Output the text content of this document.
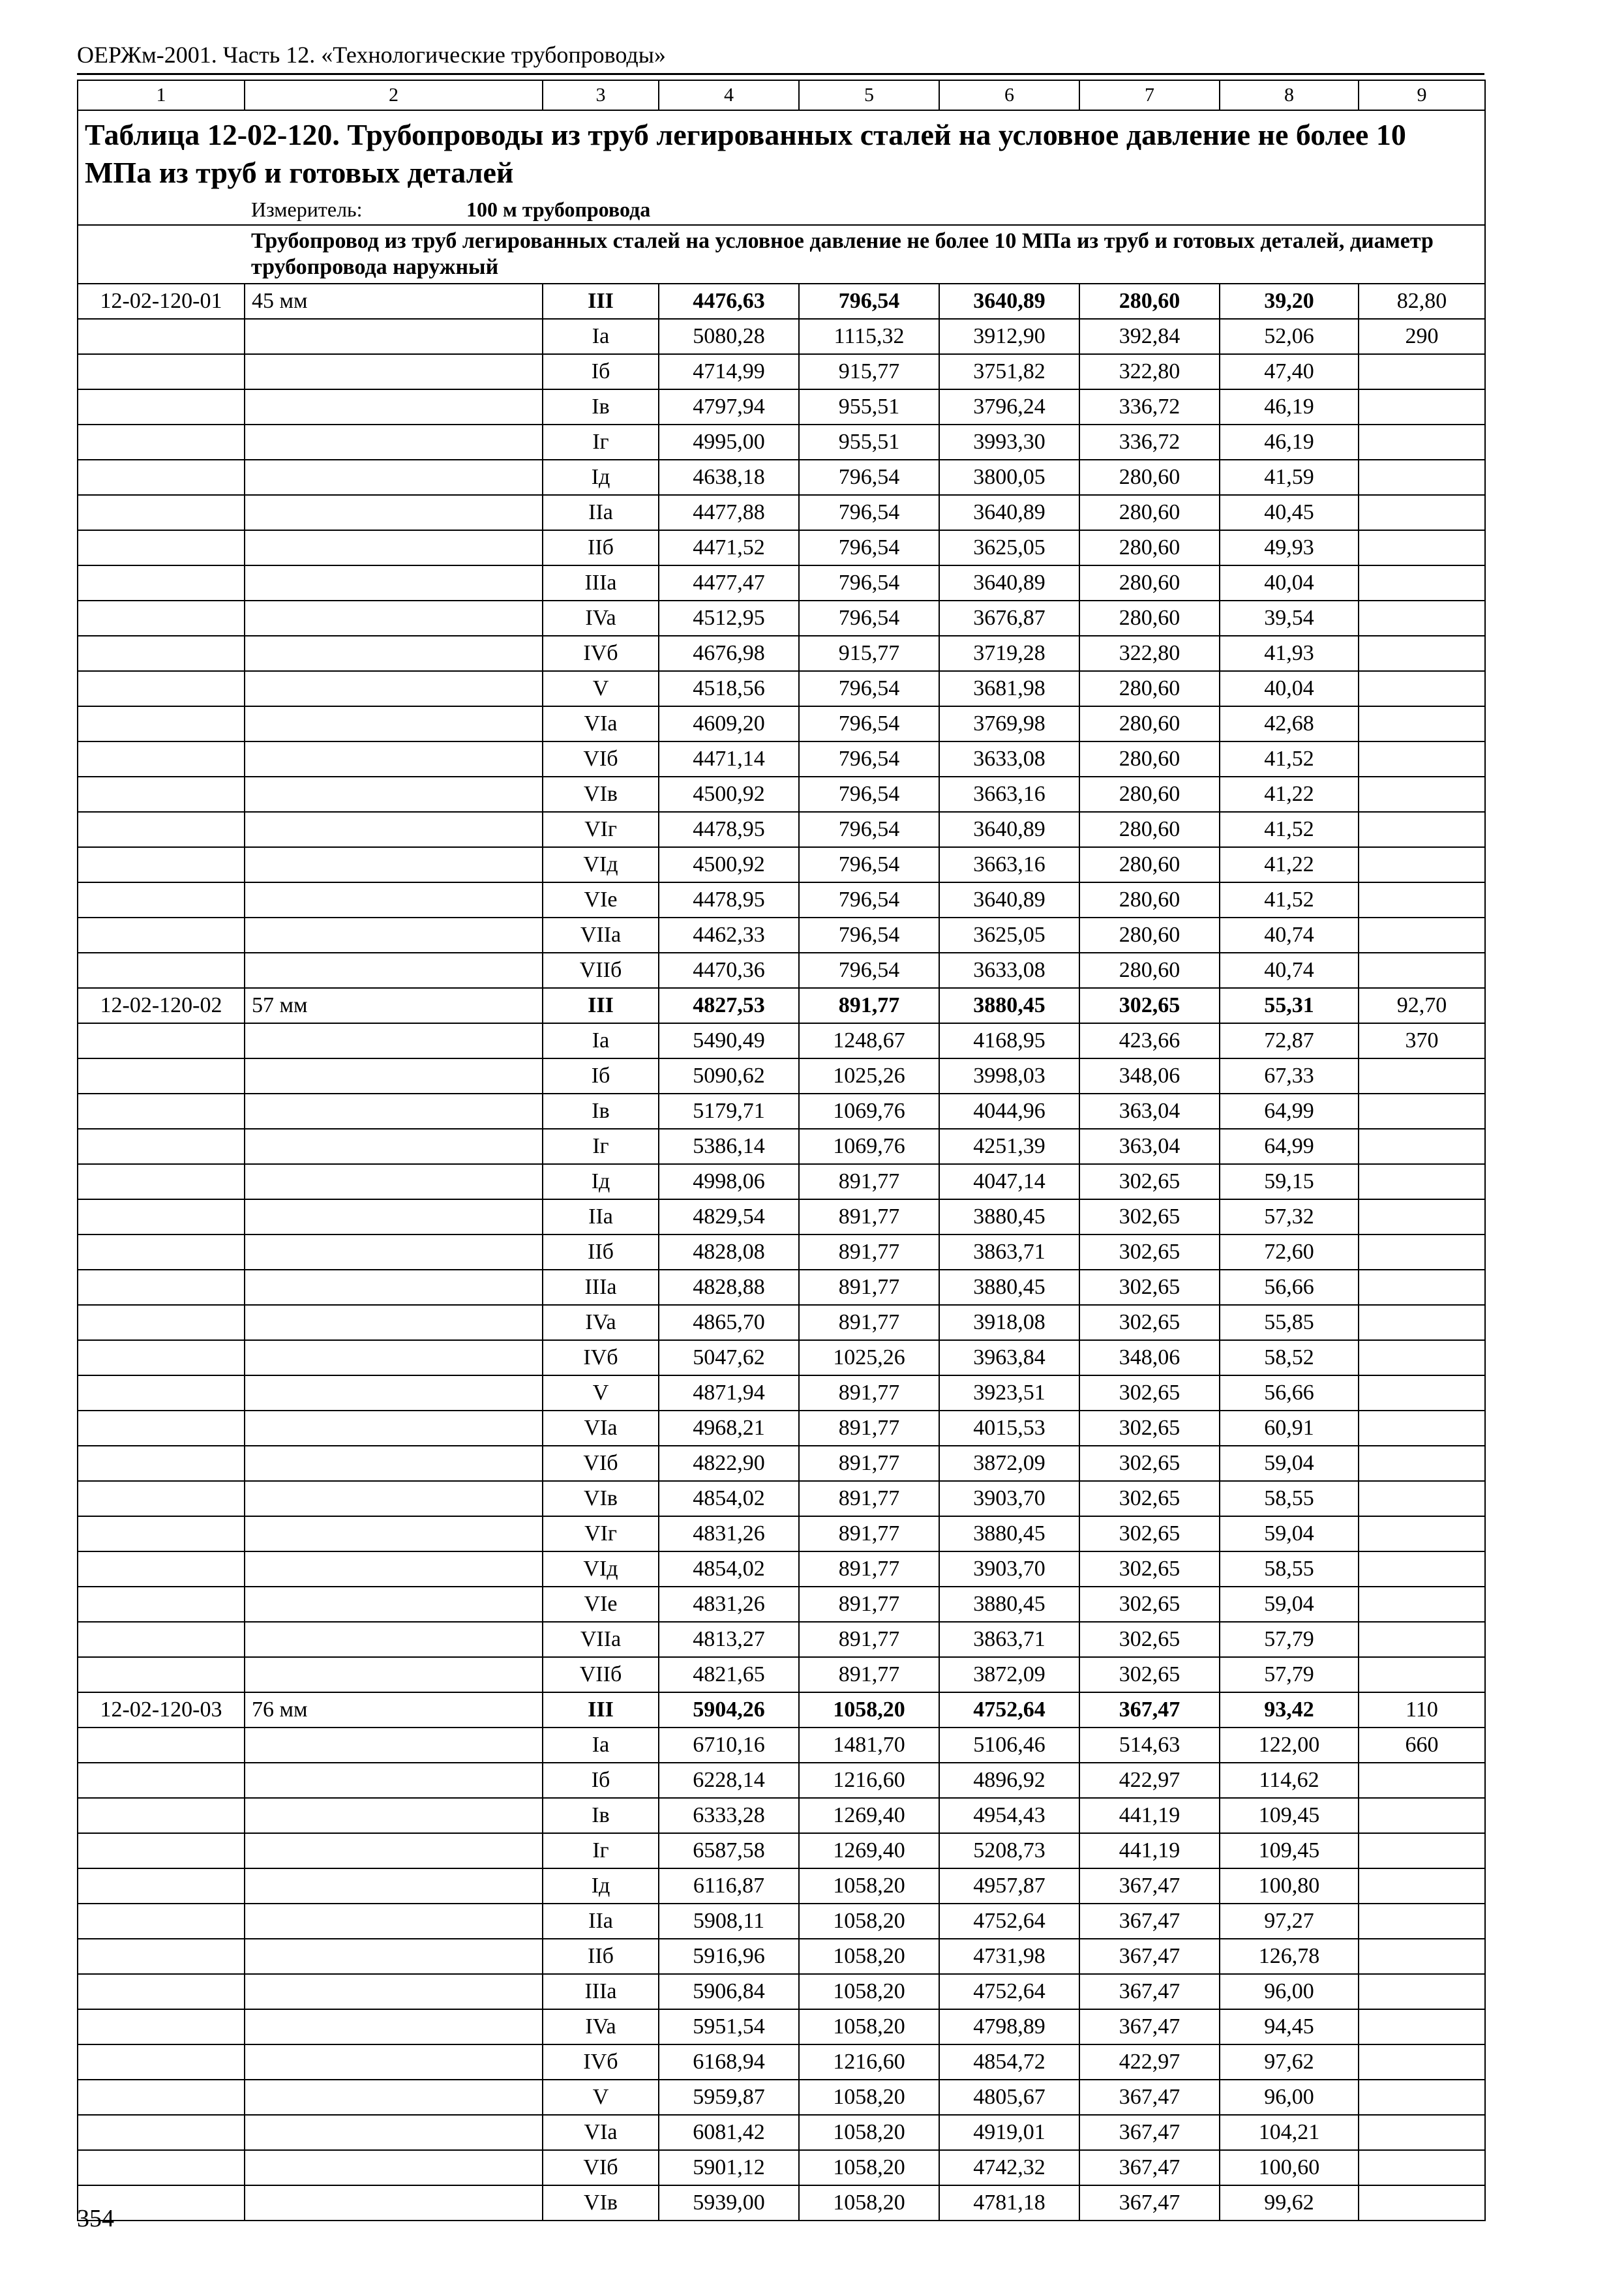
ОЕРЖм-2001. Часть 12. «Технологические трубопроводы»
1	2	3	4	5	6	7	8	9
Таблица 12-02-120. Трубопроводы из труб легированных сталей на условное давление не более 10 МПа из труб и готовых деталей								
	Измеритель: 100 м трубопровода							
	Трубопровод из труб легированных сталей на условное давление не более 10 МПа из труб и готовых деталей, диаметр трубопровода наружный							
12-02-120-01	45 мм	III	4476,63	796,54	3640,89	280,60	39,20	82,80
		Ia	5080,28	1115,32	3912,90	392,84	52,06	290
		Iб	4714,99	915,77	3751,82	322,80	47,40	
		Iв	4797,94	955,51	3796,24	336,72	46,19	
		Iг	4995,00	955,51	3993,30	336,72	46,19	
		Iд	4638,18	796,54	3800,05	280,60	41,59	
		IIa	4477,88	796,54	3640,89	280,60	40,45	
		IIб	4471,52	796,54	3625,05	280,60	49,93	
		IIIa	4477,47	796,54	3640,89	280,60	40,04	
		IVa	4512,95	796,54	3676,87	280,60	39,54	
		IVб	4676,98	915,77	3719,28	322,80	41,93	
		V	4518,56	796,54	3681,98	280,60	40,04	
		VIa	4609,20	796,54	3769,98	280,60	42,68	
		VIб	4471,14	796,54	3633,08	280,60	41,52	
		VIв	4500,92	796,54	3663,16	280,60	41,22	
		VIг	4478,95	796,54	3640,89	280,60	41,52	
		VIд	4500,92	796,54	3663,16	280,60	41,22	
		VIe	4478,95	796,54	3640,89	280,60	41,52	
		VIIa	4462,33	796,54	3625,05	280,60	40,74	
		VIIб	4470,36	796,54	3633,08	280,60	40,74	
12-02-120-02	57 мм	III	4827,53	891,77	3880,45	302,65	55,31	92,70
		Ia	5490,49	1248,67	4168,95	423,66	72,87	370
		Iб	5090,62	1025,26	3998,03	348,06	67,33	
		Iв	5179,71	1069,76	4044,96	363,04	64,99	
		Iг	5386,14	1069,76	4251,39	363,04	64,99	
		Iд	4998,06	891,77	4047,14	302,65	59,15	
		IIa	4829,54	891,77	3880,45	302,65	57,32	
		IIб	4828,08	891,77	3863,71	302,65	72,60	
		IIIa	4828,88	891,77	3880,45	302,65	56,66	
		IVa	4865,70	891,77	3918,08	302,65	55,85	
		IVб	5047,62	1025,26	3963,84	348,06	58,52	
		V	4871,94	891,77	3923,51	302,65	56,66	
		VIa	4968,21	891,77	4015,53	302,65	60,91	
		VIб	4822,90	891,77	3872,09	302,65	59,04	
		VIв	4854,02	891,77	3903,70	302,65	58,55	
		VIг	4831,26	891,77	3880,45	302,65	59,04	
		VIд	4854,02	891,77	3903,70	302,65	58,55	
		VIe	4831,26	891,77	3880,45	302,65	59,04	
		VIIa	4813,27	891,77	3863,71	302,65	57,79	
		VIIб	4821,65	891,77	3872,09	302,65	57,79	
12-02-120-03	76 мм	III	5904,26	1058,20	4752,64	367,47	93,42	110
		Ia	6710,16	1481,70	5106,46	514,63	122,00	660
		Iб	6228,14	1216,60	4896,92	422,97	114,62	
		Iв	6333,28	1269,40	4954,43	441,19	109,45	
		Iг	6587,58	1269,40	5208,73	441,19	109,45	
		Iд	6116,87	1058,20	4957,87	367,47	100,80	
		IIa	5908,11	1058,20	4752,64	367,47	97,27	
		IIб	5916,96	1058,20	4731,98	367,47	126,78	
		IIIa	5906,84	1058,20	4752,64	367,47	96,00	
		IVa	5951,54	1058,20	4798,89	367,47	94,45	
		IVб	6168,94	1216,60	4854,72	422,97	97,62	
		V	5959,87	1058,20	4805,67	367,47	96,00	
		VIa	6081,42	1058,20	4919,01	367,47	104,21	
		VIб	5901,12	1058,20	4742,32	367,47	100,60	
		VIв	5939,00	1058,20	4781,18	367,47	99,62	
354
